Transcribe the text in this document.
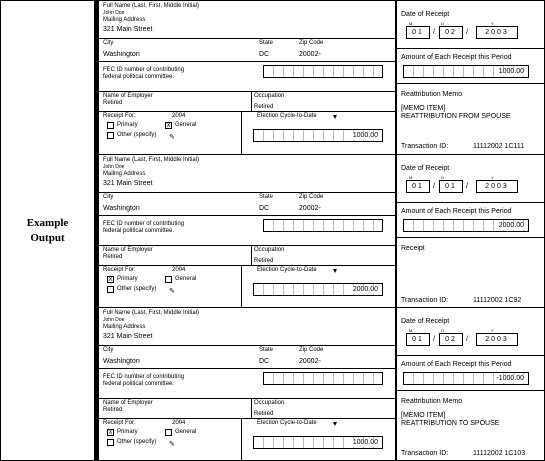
Example
Output
Full Name (Last, First, Middle Initial)
John Doe
Mailing Address
321 Main Street
City	State	Zip Code
Washington	DC	20002-
FEC ID number of contributing
federal political committee.
Name of Employer
Retired
Occupation
Retired
Receipt For:	2004
Primary	X General
Other (specify) ✎
Election Cycle-to-Date
1000.00
Date of Receipt
M	D	Y
01	/	02	/	2003
Amount of Each Receipt this Period
1000.00
Reattribution Memo
[MEMO ITEM]
REATTRIBUTION FROM SPOUSE
Transaction ID:	11112002 1C111
Full Name (Last, First, Middle Initial)
John Doe
Mailing Address
321 Main Street
City	State	Zip Code
Washington	DC	20002-
FEC ID number of contributing
federal political committee.
Name of Employer
Retired
Occupation
Retired
Receipt For:	2004
X Primary	General
Other (specify) ✎
Election Cycle-to-Date
2000.00
Date of Receipt
M	D	Y
01	/	01	/	2003
Amount of Each Receipt this Period
2000.00
Receipt
Transaction ID:	11112002 1C92
Full Name (Last, First, Middle Initial)
John Doe
Mailing Address
321 Main Street
City	State	Zip Code
Washington	DC	20002-
FEC ID number of contributing
federal political committee.
Name of Employer
Retired
Occupation
Retired
Receipt For:	2004
X Primary	General
Other (specify) ✎
Election Cycle-to-Date
1000.00
Date of Receipt
M	D	Y
01	/	02	/	2003
Amount of Each Receipt this Period
-1000.00
Reattribution Memo
[MEMO ITEM]
REATTRIBUTION TO SPOUSE
Transaction ID:	11112002 1C103
